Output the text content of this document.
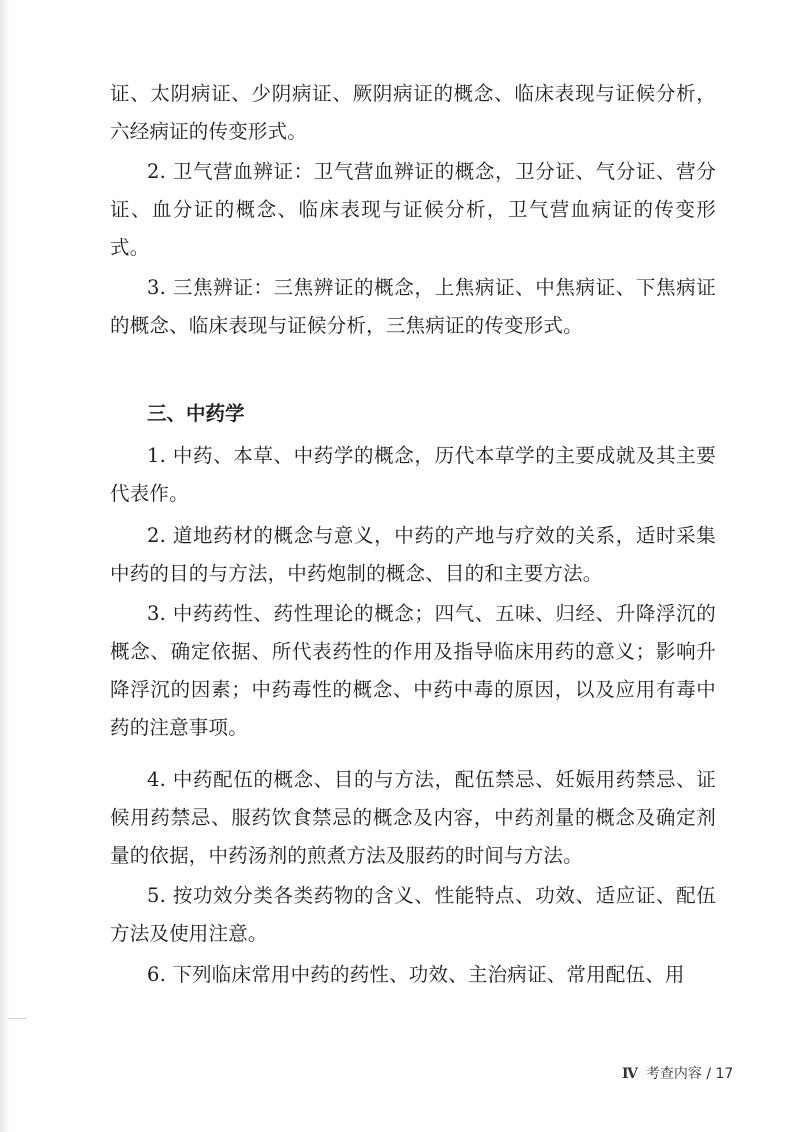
证、太阴病证、少阴病证、厥阴病证的概念、临床表现与证候分析，六经病证的传变形式。

2. 卫气营血辨证：卫气营血辨证的概念，卫分证、气分证、营分证、血分证的概念、临床表现与证候分析，卫气营血病证的传变形式。

3. 三焦辨证：三焦辨证的概念，上焦病证、中焦病证、下焦病证的概念、临床表现与证候分析，三焦病证的传变形式。

三、中药学

1. 中药、本草、中药学的概念，历代本草学的主要成就及其主要代表作。

2. 道地药材的概念与意义，中药的产地与疗效的关系，适时采集中药的目的与方法，中药炮制的概念、目的和主要方法。

3. 中药药性、药性理论的概念；四气、五味、归经、升降浮沉的概念、确定依据、所代表药性的作用及指导临床用药的意义；影响升降浮沉的因素；中药毒性的概念、中药中毒的原因，以及应用有毒中药的注意事项。

4. 中药配伍的概念、目的与方法，配伍禁忌、妊娠用药禁忌、证候用药禁忌、服药饮食禁忌的概念及内容，中药剂量的概念及确定剂量的依据，中药汤剂的煎煮方法及服药的时间与方法。

5. 按功效分类各类药物的含义、性能特点、功效、适应证、配伍方法及使用注意。

6. 下列临床常用中药的药性、功效、主治病证、常用配伍、用

Ⅳ 考查内容 / 17
